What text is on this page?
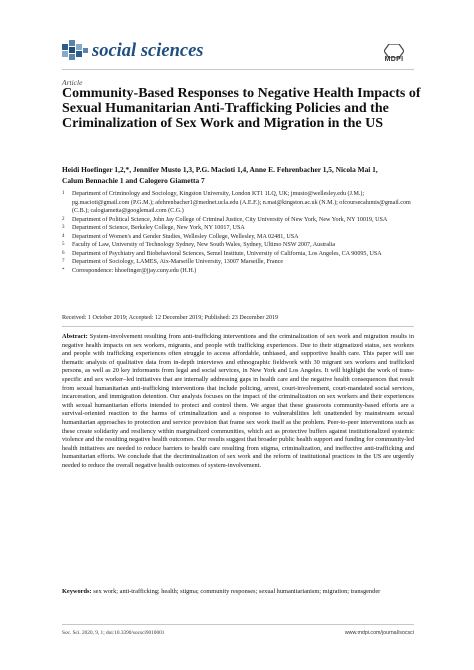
social sciences	MDPI
Article
Community-Based Responses to Negative Health Impacts of Sexual Humanitarian Anti-Trafficking Policies and the Criminalization of Sex Work and Migration in the US
Heidi Hoefinger 1,2,*, Jennifer Musto 1,3, P.G. Macioti 1,4, Anne E. Fehrenbacher 1,5, Nicola Mai 1,
Calum Bennachie 1 and Calogero Giametta 7
1	Department of Criminology and Sociology, Kingston University, London KT1 1LQ, UK; jmusto@wellesley.edu (J.M.); pg.macioti@gmail.com (P.G.M.); afehrenbacher1@mednet.ucla.edu (A.E.F.); n.mai@kingston.ac.uk (N.M.); ofcoursecalumis@gmail.com (C.B.); calogiametta@googlemail.com (C.G.)
2	Department of Political Science, John Jay College of Criminal Justice, City University of New York, New York, NY 10019, USA
3	Department of Science, Berkeley College, New York, NY 10017, USA
4	Department of Women's and Gender Studies, Wellesley College, Wellesley, MA 02481, USA
5	Faculty of Law, University of Technology Sydney, New South Wales, Sydney, Ultimo NSW 2007, Australia
6	Department of Psychiatry and Biobehavioral Sciences, Semel Institute, University of California, Los Angeles, CA 90095, USA
7	Department of Sociology, LAMES, Aix-Marseille University, 13007 Marseille, France
*	Correspondence: hhoefinger@jjay.cuny.edu (H.H.)
Received: 1 October 2019; Accepted: 12 December 2019; Published: 23 December 2019
Abstract: System-involvement resulting from anti-trafficking interventions and the criminalization of sex work and migration results in negative health impacts on sex workers, migrants, and people with trafficking experiences. Due to their stigmatized status, sex workers and people with trafficking experiences often struggle to access affordable, unbiased, and supportive health care. This paper will use thematic analysis of qualitative data from in-depth interviews and ethnographic fieldwork with 30 migrant sex workers and trafficked persons, as well as 20 key informants from legal and social services, in New York and Los Angeles. It will highlight the work of trans-specific and sex worker–led initiatives that are internally addressing gaps in health care and the negative health consequences that result from sexual humanitarian anti-trafficking interventions that include policing, arrest, court-involvement, court-mandated social services, incarceration, and immigration detention. Our analysis focuses on the impact of the criminalization on sex workers and their experiences with sexual humanitarian efforts intended to protect and control them. We argue that these grassroots community-based efforts are a survival-oriented reaction to the harms of criminalization and a response to vulnerabilities left unattended by mainstream sexual humanitarian approaches to protection and service provision that frame sex work itself as the problem. Peer-to-peer interventions such as these create solidarity and resiliency within marginalized communities, which act as protective buffers against institutionalized systemic violence and the resulting negative health outcomes. Our results suggest that broader public health support and funding for community-led health initiatives are needed to reduce barriers to health care resulting from stigma, criminalization, and ineffective anti-trafficking and humanitarian efforts. We conclude that the decriminalization of sex work and the reform of institutional practices in the US are urgently needed to reduce the overall negative health outcomes of system-involvement.
Keywords: sex work; anti-trafficking; health; stigma; community responses; sexual humanitarianism; migration; transgender
Soc. Sci. 2020, 9, 1; doi:10.3390/socsci9010001	www.mdpi.com/journal/socsci
